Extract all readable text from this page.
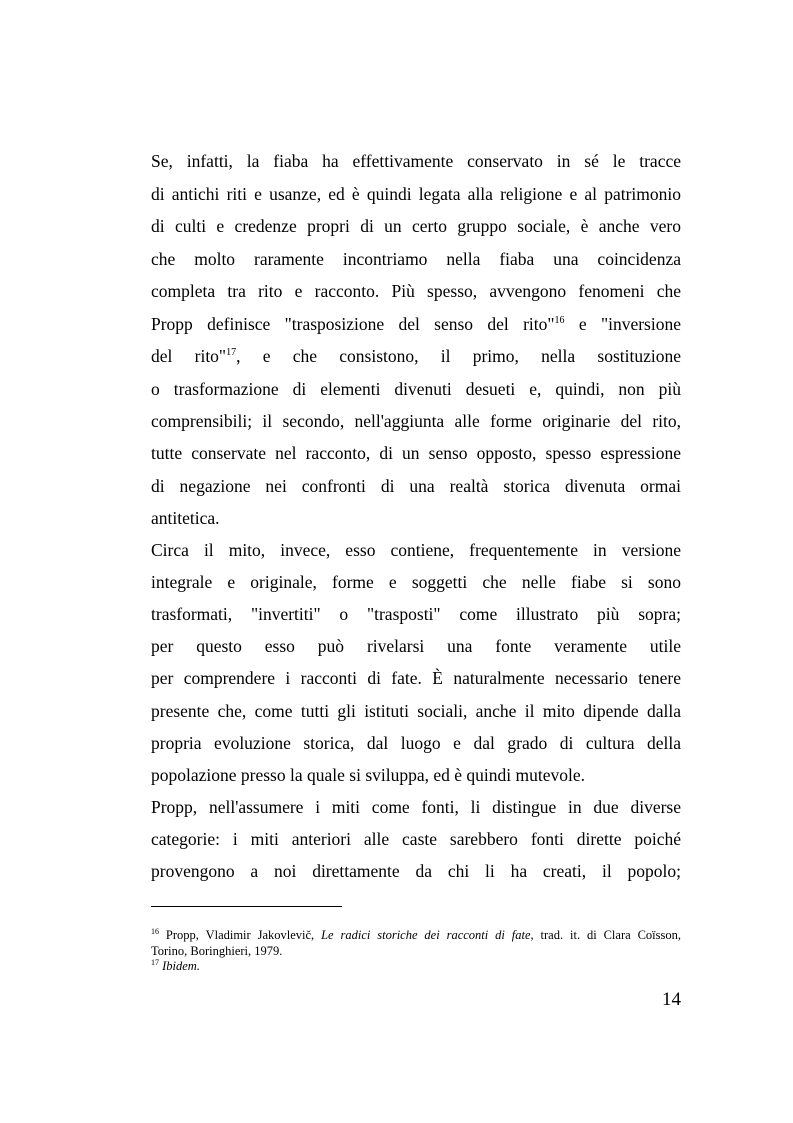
Se, infatti, la fiaba ha effettivamente conservato in sé le tracce
di antichi riti e usanze, ed è quindi legata alla religione e al patrimonio
di culti e credenze propri di un certo gruppo sociale, è anche vero
che molto raramente incontriamo nella fiaba una coincidenza
completa tra rito e racconto. Più spesso, avvengono fenomeni che
Propp definisce "trasposizione del senso del rito"$^{16}$ e "inversione
del rito"$^{17}$, e che consistono, il primo, nella sostituzione
o trasformazione di elementi divenuti desueti e, quindi, non più
comprensibili; il secondo, nell'aggiunta alle forme originarie del rito,
tutte conservate nel racconto, di un senso opposto, spesso espressione
di negazione nei confronti di una realtà storica divenuta ormai
antitetica.
Circa il mito, invece, esso contiene, frequentemente in versione
integrale e originale, forme e soggetti che nelle fiabe si sono
trasformati, "invertiti" o "trasposti" come illustrato più sopra;
per questo esso può rivelarsi una fonte veramente utile
per comprendere i racconti di fate. È naturalmente necessario tenere
presente che, come tutti gli istituti sociali, anche il mito dipende dalla
propria evoluzione storica, dal luogo e dal grado di cultura della
popolazione presso la quale si sviluppa, ed è quindi mutevole.
Propp, nell'assumere i miti come fonti, li distingue in due diverse
categorie: i miti anteriori alle caste sarebbero fonti dirette poiché
provengono a noi direttamente da chi li ha creati, il popolo;
$^{16}$ Propp, Vladimir Jakovlevič, Le radici storiche dei racconti di fate, trad. it. di Clara Coïsson,
Torino, Boringhieri, 1979.
$^{17}$ Ibidem.
14
